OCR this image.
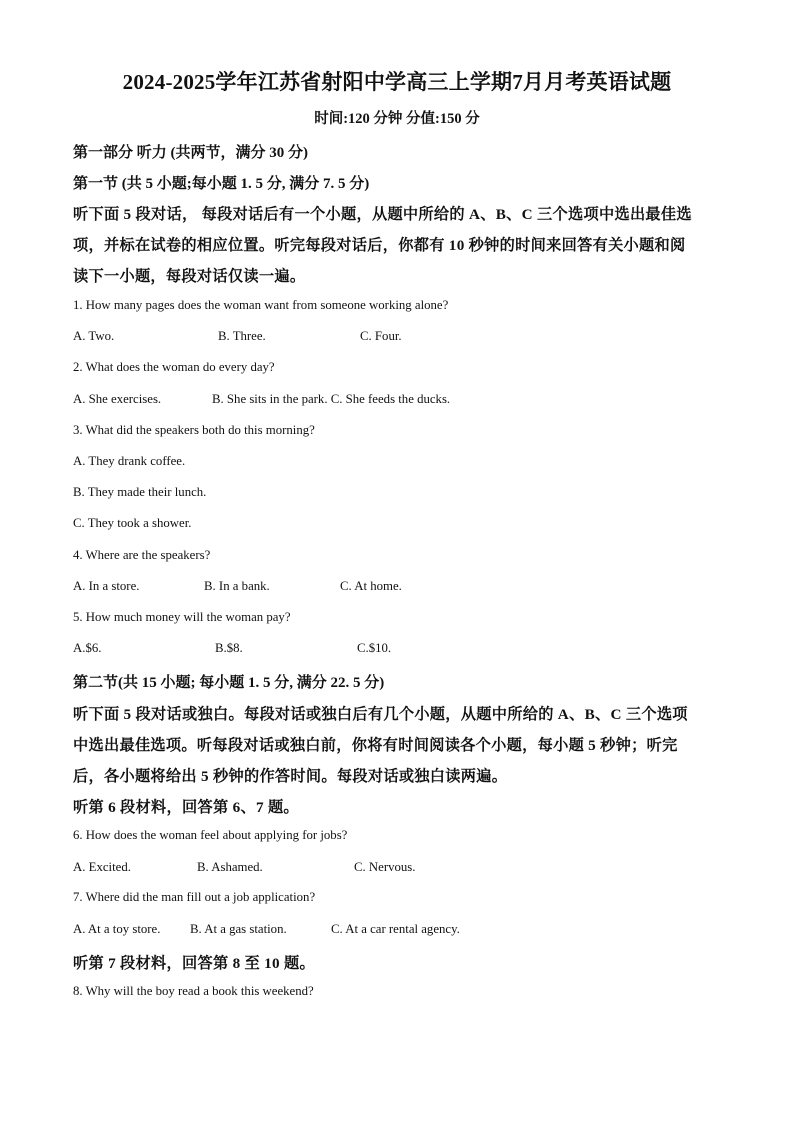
2024-2025学年江苏省射阳中学高三上学期7月月考英语试题
时间:120 分钟 分值:150 分
第一部分 听力 (共两节，满分 30 分)
第一节 (共 5 小题;每小题 1. 5 分, 满分 7. 5 分)
听下面 5 段对话， 每段对话后有一个小题，从题中所给的 A、B、C 三个选项中选出最佳选
项，并标在试卷的相应位置。听完每段对话后，你都有 10 秒钟的时间来回答有关小题和阅
读下一小题，每段对话仅读一遍。
1. How many pages does the woman want from someone working alone?
A. Two.	B. Three.	C. Four.
2. What does the woman do every day?
A. She exercises.	B. She sits in the park. C. She feeds the ducks.
3. What did the speakers both do this morning?
A. They drank coffee.
B. They made their lunch.
C. They took a shower.
4. Where are the speakers?
A. In a store.	B. In a bank.	C. At home.
5. How much money will the woman pay?
A.$6.	B.$8.	C.$10.
第二节(共 15 小题; 每小题 1. 5 分, 满分 22. 5 分)
听下面 5 段对话或独白。每段对话或独白后有几个小题，从题中所给的 A、B、C 三个选项
中选出最佳选项。听每段对话或独白前，你将有时间阅读各个小题，每小题 5 秒钟；听完
后，各小题将给出 5 秒钟的作答时间。每段对话或独白读两遍。
听第 6 段材料，回答第 6、7 题。
6. How does the woman feel about applying for jobs?
A. Excited.	B. Ashamed.	C. Nervous.
7. Where did the man fill out a job application?
A. At a toy store. B. At a gas station.	C. At a car rental agency.
听第 7 段材料，回答第 8 至 10 题。
8. Why will the boy read a book this weekend?
